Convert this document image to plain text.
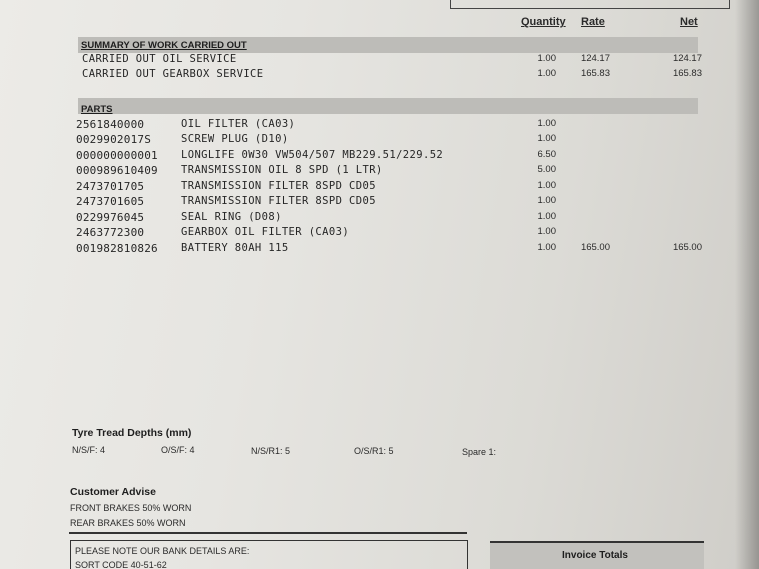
Quantity Rate	Net
SUMMARY OF WORK CARRIED OUT
CARRIED OUT OIL SERVICE	1.00	124.17	124.17
CARRIED OUT GEARBOX SERVICE	1.00	165.83	165.83
PARTS
2561840000	OIL FILTER (CA03)	1.00
0029902017S	SCREW PLUG (D10)	1.00
000000000001 LONGLIFE 0W30 VW504/507 MB229.51/229.52	6.50
000989610409 TRANSMISSION OIL 8 SPD (1 LTR)	5.00
2473701705	TRANSMISSION FILTER 8SPD CD05	1.00
2473701605	TRANSMISSION FILTER 8SPD CD05	1.00
0229976045	SEAL RING (D08)	1.00
2463772300	GEARBOX OIL FILTER (CA03)	1.00
001982810826 BATTERY 80AH 115	1.00	165.00	165.00
Tyre Tread Depths (mm)
N/S/F: 4	O/S/F: 4	N/S/R1: 5	O/S/R1: 5	Spare 1:
Customer Advise
FRONT BRAKES 50% WORN
REAR BRAKES 50% WORN
PLEASE NOTE OUR BANK DETAILS ARE:
SORT CODE 40-51-62
Invoice Totals
